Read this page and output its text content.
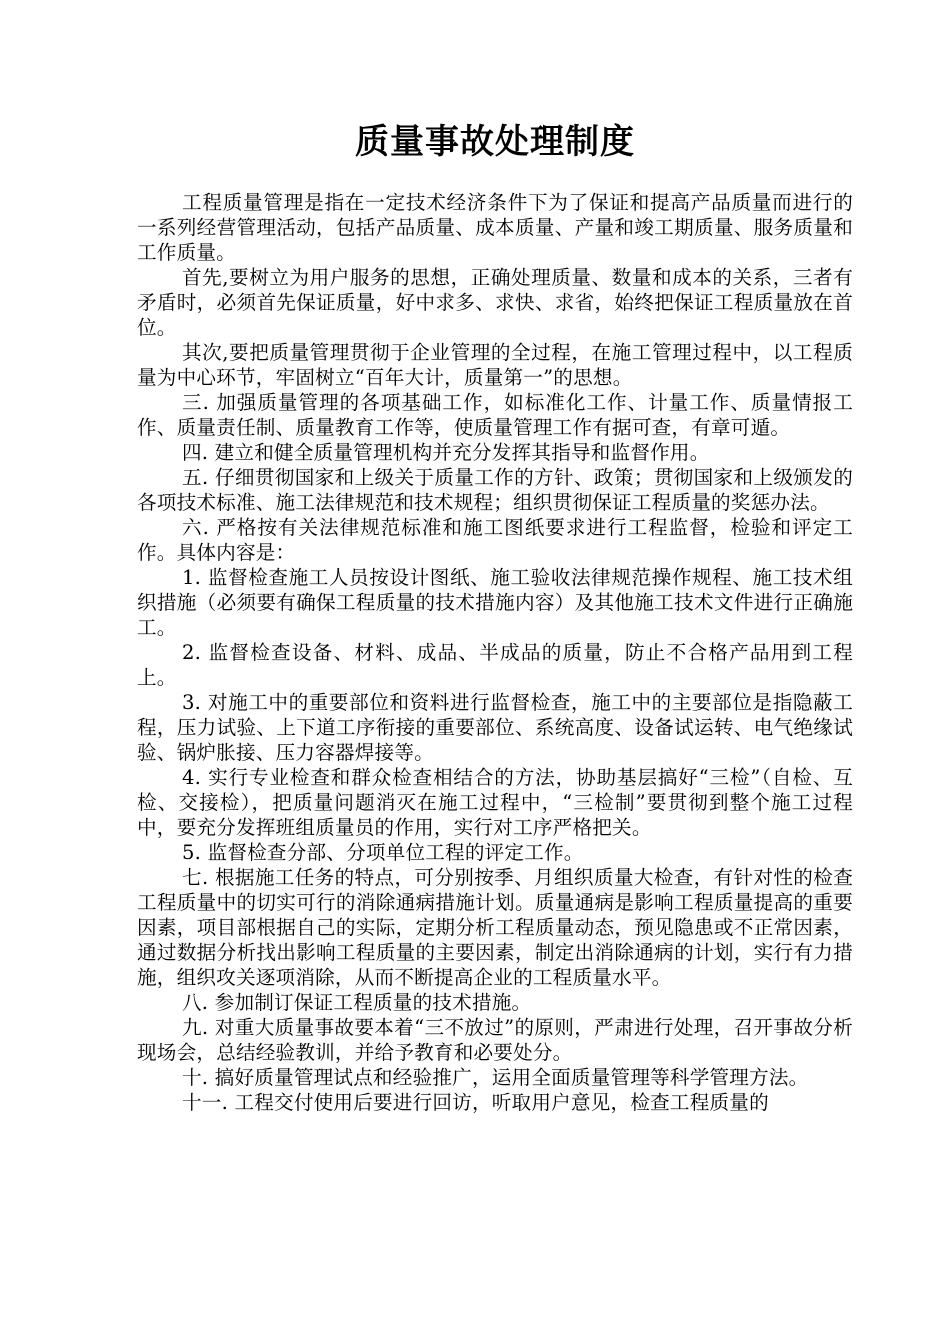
质量事故处理制度

工程质量管理是指在一定技术经济条件下为了保证和提高产品质量而进行的一系列经营管理活动，包括产品质量、成本质量、产量和竣工期质量、服务质量和工作质量。

首先,要树立为用户服务的思想，正确处理质量、数量和成本的关系，三者有矛盾时，必须首先保证质量，好中求多、求快、求省，始终把保证工程质量放在首位。

其次,要把质量管理贯彻于企业管理的全过程，在施工管理过程中，以工程质量为中心环节，牢固树立“百年大计，质量第一”的思想。

三. 加强质量管理的各项基础工作，如标准化工作、计量工作、质量情报工作、质量责任制、质量教育工作等，使质量管理工作有据可查，有章可遁。

四. 建立和健全质量管理机构并充分发挥其指导和监督作用。

五. 仔细贯彻国家和上级关于质量工作的方针、政策；贯彻国家和上级颁发的各项技术标准、施工法律规范和技术规程；组织贯彻保证工程质量的奖惩办法。

六. 严格按有关法律规范标准和施工图纸要求进行工程监督，检验和评定工作。具体内容是：

1. 监督检查施工人员按设计图纸、施工验收法律规范操作规程、施工技术组织措施（必须要有确保工程质量的技术措施内容）及其他施工技术文件进行正确施工。

2. 监督检查设备、材料、成品、半成品的质量，防止不合格产品用到工程上。

3. 对施工中的重要部位和资料进行监督检查，施工中的主要部位是指隐蔽工程，压力试验、上下道工序衔接的重要部位、系统高度、设备试运转、电气绝缘试验、锅炉胀接、压力容器焊接等。

4. 实行专业检查和群众检查相结合的方法，协助基层搞好“三检”（自检、互检、交接检），把质量问题消灭在施工过程中，“三检制”要贯彻到整个施工过程中，要充分发挥班组质量员的作用，实行对工序严格把关。

5. 监督检查分部、分项单位工程的评定工作。

七. 根据施工任务的特点，可分别按季、月组织质量大检查，有针对性的检查工程质量中的切实可行的消除通病措施计划。质量通病是影响工程质量提高的重要因素，项目部根据自己的实际，定期分析工程质量动态，预见隐患或不正常因素，通过数据分析找出影响工程质量的主要因素，制定出消除通病的计划，实行有力措施，组织攻关逐项消除，从而不断提高企业的工程质量水平。

八. 参加制订保证工程质量的技术措施。

九. 对重大质量事故要本着“三不放过”的原则，严肃进行处理，召开事故分析现场会，总结经验教训，并给予教育和必要处分。

十. 搞好质量管理试点和经验推广，运用全面质量管理等科学管理方法。

十一. 工程交付使用后要进行回访，听取用户意见，检查工程质量的
